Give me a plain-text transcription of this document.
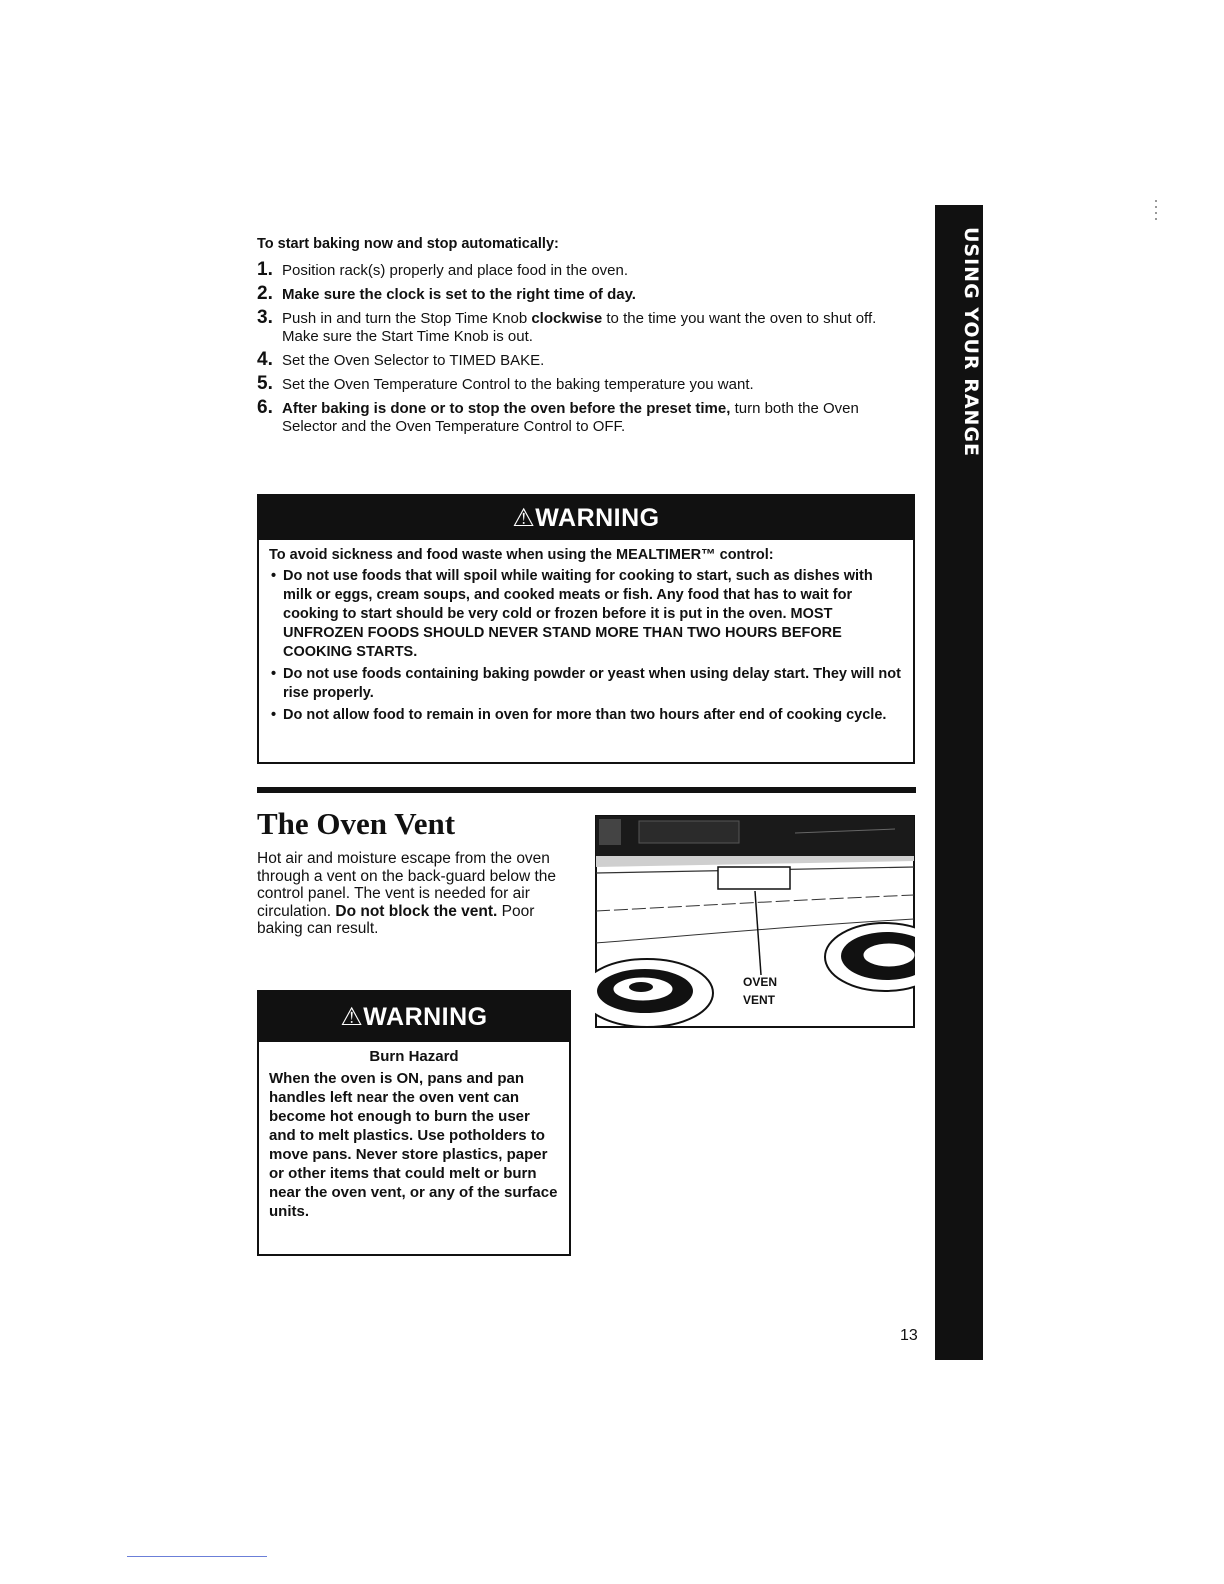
USING YOUR RANGE
To start baking now and stop automatically:
1. Position rack(s) properly and place food in the oven.
2. Make sure the clock is set to the right time of day.
3. Push in and turn the Stop Time Knob clockwise to the time you want the oven to shut off. Make sure the Start Time Knob is out.
4. Set the Oven Selector to TIMED BAKE.
5. Set the Oven Temperature Control to the baking temperature you want.
6. After baking is done or to stop the oven before the preset time, turn both the Oven Selector and the Oven Temperature Control to OFF.
⚠WARNING
To avoid sickness and food waste when using the MEALTIMER™ control:
• Do not use foods that will spoil while waiting for cooking to start, such as dishes with milk or eggs, cream soups, and cooked meats or fish. Any food that has to wait for cooking to start should be very cold or frozen before it is put in the oven. MOST UNFROZEN FOODS SHOULD NEVER STAND MORE THAN TWO HOURS BEFORE COOKING STARTS.
• Do not use foods containing baking powder or yeast when using delay start. They will not rise properly.
• Do not allow food to remain in oven for more than two hours after end of cooking cycle.
The Oven Vent
Hot air and moisture escape from the oven through a vent on the back-guard below the control panel. The vent is needed for air circulation. Do not block the vent. Poor baking can result.
OVEN
VENT
⚠WARNING
Burn Hazard
When the oven is ON, pans and pan handles left near the oven vent can become hot enough to burn the user and to melt plastics. Use potholders to move pans. Never store plastics, paper or other items that could melt or burn near the oven vent, or any of the surface units.
13
